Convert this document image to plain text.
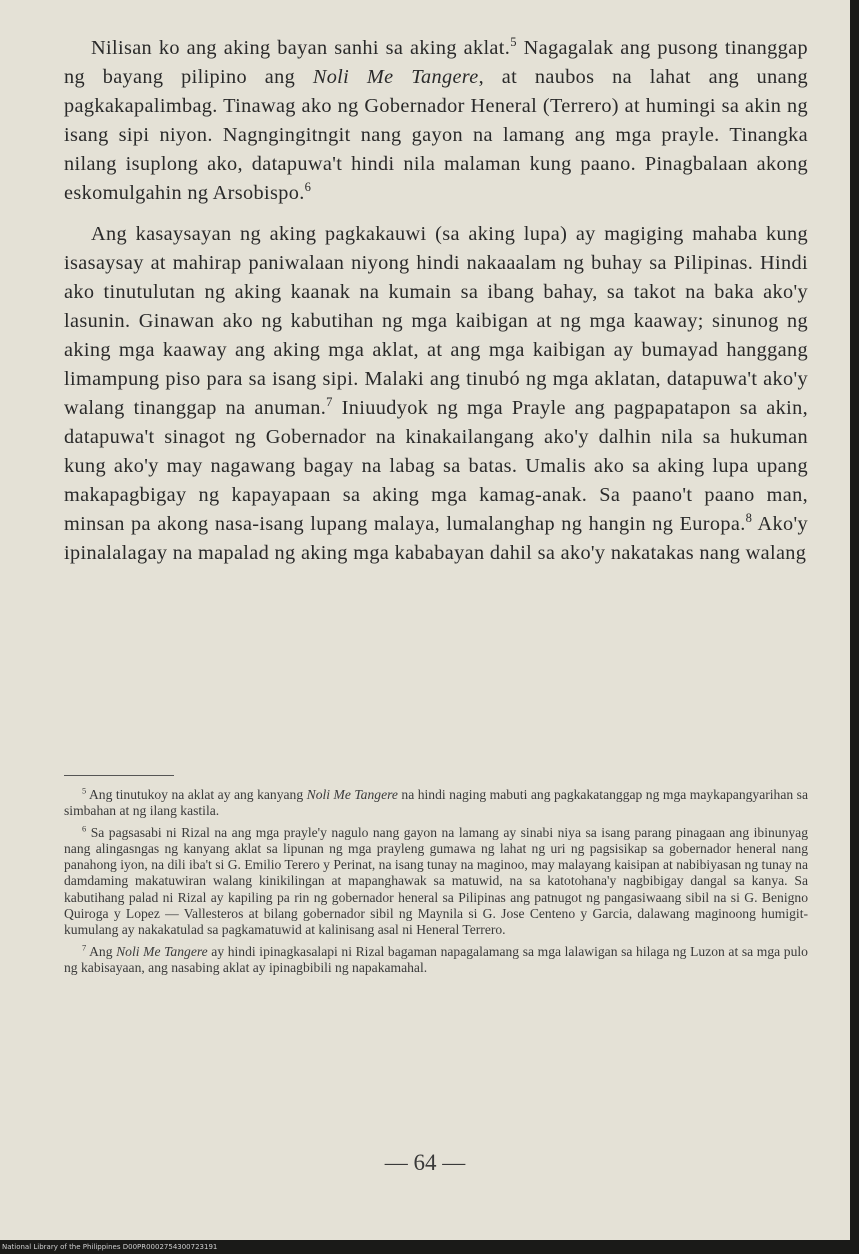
Nilisan ko ang aking bayan sanhi sa aking aklat.$^5$ Nagagalak ang pusong tinanggap ng bayang pilipino ang Noli Me Tangere, at naubos na lahat ang unang pagkakapalimbag. Tinawag ako ng Gobernador Heneral (Terrero) at humingi sa akin ng isang sipi niyon. Nagngingitngit nang gayon na lamang ang mga prayle. Tinangka nilang isuplong ako, datapuwa't hindi nila malaman kung paano. Pinagbalaan akong eskomulgahin ng Arsobispo.$^6$

Ang kasaysayan ng aking pagkakauwi (sa aking lupa) ay magiging mahaba kung isasaysay at mahirap paniwalaan niyong hindi nakaaalam ng buhay sa Pilipinas. Hindi ako tinutulutan ng aking kaanak na kumain sa ibang bahay, sa takot na baka ako'y lasunin. Ginawan ako ng kabutihan ng mga kaibigan at ng mga kaaway; sinunog ng aking mga kaaway ang aking mga aklat, at ang mga kaibigan ay bumayad hanggang limampung piso para sa isang sipi. Malaki ang tinubó ng mga aklatan, datapuwa't ako'y walang tinanggap na anuman.$^7$ Iniuudyok ng mga Prayle ang pagpapatapon sa akin, datapuwa't sinagot ng Gobernador na kinakailangang ako'y dalhin nila sa hukuman kung ako'y may nagawang bagay na labag sa batas. Umalis ako sa aking lupa upang makapagbigay ng kapayapaan sa aking mga kamag-anak. Sa paano't paano man, minsan pa akong nasa-isang lupang malaya, lumalanghap ng hangin ng Europa.$^8$ Ako'y ipinalalagay na mapalad ng aking mga kababayan dahil sa ako'y nakatakas nang walang

$^5$ Ang tinutukoy na aklat ay ang kanyang Noli Me Tangere na hindi naging mabuti ang pagkakatanggap ng mga maykapangyarihan sa simbahan at ng ilang kastila.

$^6$ Sa pagsasabi ni Rizal na ang mga prayle'y nagulo nang gayon na lamang ay sinabi niya sa isang parang pinagaan ang ibinunyag nang alingasngas ng kanyang aklat sa lipunan ng mga prayleng gumawa ng lahat ng uri ng pagsisikap sa gobernador heneral nang panahong iyon, na dili iba't si G. Emilio Terero y Perinat, na isang tunay na maginoo, may malayang kaisipan at nabibiyasan ng tunay na damdaming makatuwiran walang kinikilingan at mapanghawak sa matuwid, na sa katotohana'y nagbibigay dangal sa kanya. Sa kabutihang palad ni Rizal ay kapiling pa rin ng gobernador heneral sa Pilipinas ang patnugot ng pangasiwaang sibil na si G. Benigno Quiroga y Lopez — Vallesteros at bilang gobernador sibil ng Maynila si G. Jose Centeno y Garcia, dalawang maginoong humigit-kumulang ay nakakatulad sa pagkamatuwid at kalinisang asal ni Heneral Terrero.

$^7$ Ang Noli Me Tangere ay hindi ipinagkasalapi ni Rizal bagaman napagalamang sa mga lalawigan sa hilaga ng Luzon at sa mga pulo ng kabisayaan, ang nasabing aklat ay ipinagbibili ng napakamahal.

— 64 —
National Library of the Philippines D00PR0002754300723191
